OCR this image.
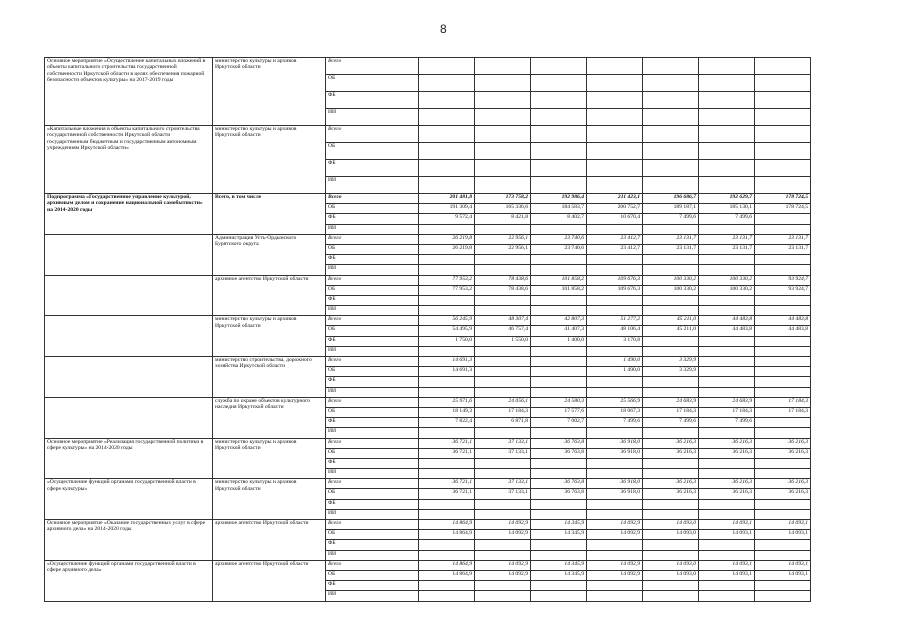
8
Основное мероприятие «Осуществление капитальных вложений в объекты капитального строительства государственной собственности Иркутской области в целях обеспечения пожарной безопасности объектов культуры» на 2017-2019 годы	министерство культуры и архивов Иркутской области	Всего							
		ОБ							
		ФБ							
		ИИ							
«Капитальные вложения в объекты капитального строительства государственной собственности Иркутской области государственным бюджетным и государственным автономным учреждениям Иркутской области»	министерство культуры и архивов Иркутской области	Всего							
		ОБ							
		ФБ							
		ИИ							
Подпрограмма «Государственное управление культурой, архивным делом и сохранение национальной самобытности» на 2014-2020 годы	Всего, в том числе	Всего	201 481,8	173 758,2	192 986,4	211 423,1	196 686,7	192 629,7	178 724,5
		ОБ	191 309,4	165 336,6	184 583,7	200 752,7	189 187,1	185 130,1	178 724,5
		ФБ	9 572,4	8 421,8	8 402,7	10 670,4	7 499,6	7 499,6	
		ИИ							
	Администрация Усть-Ордынского Бурятского округа	Всего	26 219,8	22 956,1	23 740,6	23 412,7	23 131,7	23 131,7	23 131,7
		ОБ	26 219,8	22 956,1	23 740,6	23 412,7	23 131,7	23 131,7	23 131,7
		ФБ							
		ИИ							
	архивное агентство Иркутской области	Всего	77 953,2	78 438,6	101 858,2	109 676,3	100 330,2	100 330,2	93 924,7
		ОБ	77 953,2	78 438,6	101 858,2	109 676,3	100 330,2	100 330,2	93 924,7
		ФБ							
		ИИ							
	министерство культуры и архивов Иркутской области	Всего	56 245,9	48 307,4	42 807,3	51 277,2	45 211,0	44 483,8	44 483,8
		ОБ	54 495,9	46 757,4	41 407,3	48 106,4	45 211,0	44 483,8	44 483,8
		ФБ	1 750,0	1 550,0	1 400,0	3 170,8			
		ИИ							
	министерство строительства, дорожного хозяйства Иркутской области	Всего	14 691,3			1 490,0	3 329,9		
		ОБ	14 691,3			1 490,0	3 329,9		
		ФБ							
		ИИ							
	служба по охране объектов культурного наследия Иркутской области	Всего	25 971,6	24 056,1	24 580,3	25 566,9	24 683,9	24 683,9	17 184,3
		ОБ	18 149,3	17 184,3	17 577,6	18 067,3	17 184,3	17 184,3	17 184,3
		ФБ	7 822,4	6 871,8	7 002,7	7 499,6	7 499,6	7 499,6	
		ИИ							
Основное мероприятие «Реализация государственной политики в сфере культуры» на 2014-2020 годы	министерство культуры и архивов Иркутской области	Всего	36 721,1	37 133,1	36 763,8	36 918,0	36 216,3	36 216,3	36 216,3
		ОБ	36 721,1	37 133,1	36 763,8	36 918,0	36 216,3	36 216,3	36 216,3
		ФБ							
		ИИ							
«Осуществление функций органами государственной власти в сфере культуры»	министерство культуры и архивов Иркутской области	Всего	36 721,1	37 133,1	36 763,8	36 918,0	36 216,3	36 216,3	36 216,3
		ОБ	36 721,1	37 133,1	36 763,8	36 918,0	36 216,3	36 216,3	36 216,3
		ФБ							
		ИИ							
Основное мероприятие «Оказание государственных услуг в сфере архивного дела» на 2014-2020 годы	архивное агентство Иркутской области	Всего	14 864,9	14 092,9	14 345,9	14 092,9	14 093,0	14 093,1	14 093,1
		ОБ	14 864,9	14 092,9	14 345,9	14 092,9	14 093,0	14 093,1	14 093,1
		ФБ							
		ИИ							
«Осуществление функций органами государственной власти в сфере архивного дела»	архивное агентство Иркутской области	Всего	14 864,9	14 092,9	14 345,9	14 092,9	14 093,0	14 093,1	14 093,1
		ОБ	14 864,9	14 092,9	14 345,9	14 092,9	14 093,0	14 093,1	14 093,1
		ФБ							
		ИИ							
